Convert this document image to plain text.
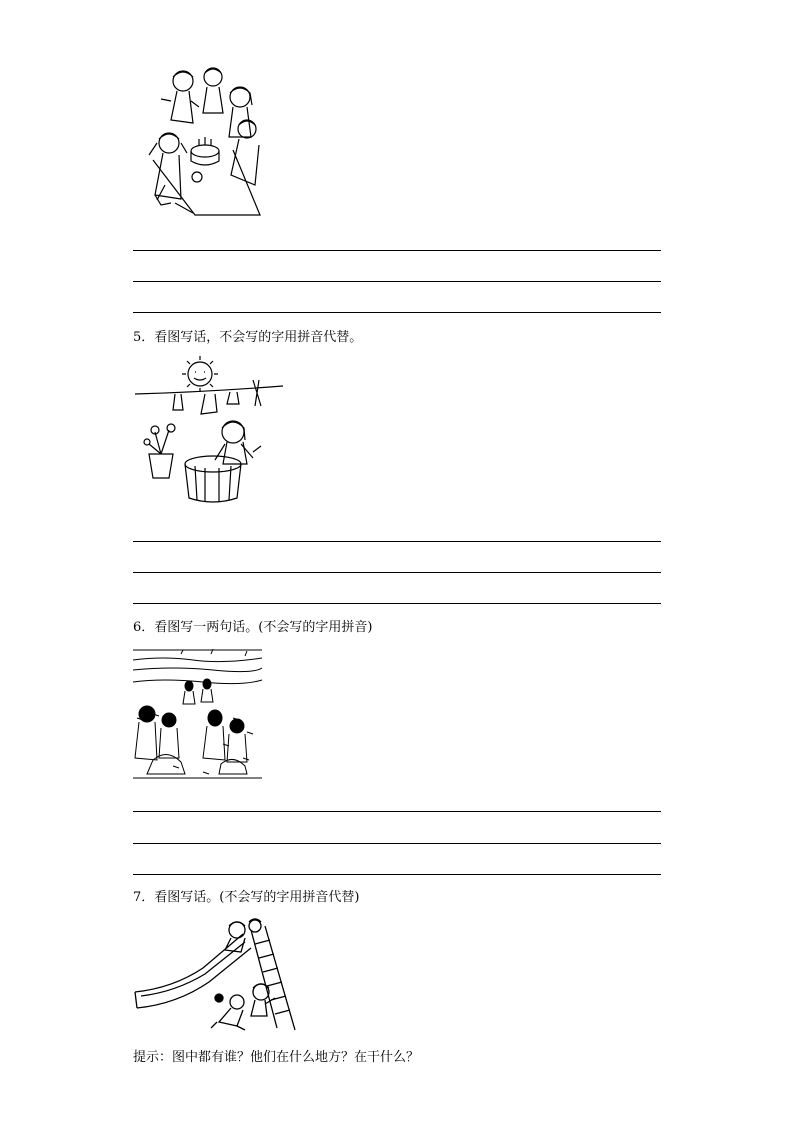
5．看图写话，不会写的字用拼音代替。
6．看图写一两句话。(不会写的字用拼音)
7．看图写话。(不会写的字用拼音代替)
提示：图中都有谁？他们在什么地方？在干什么？
